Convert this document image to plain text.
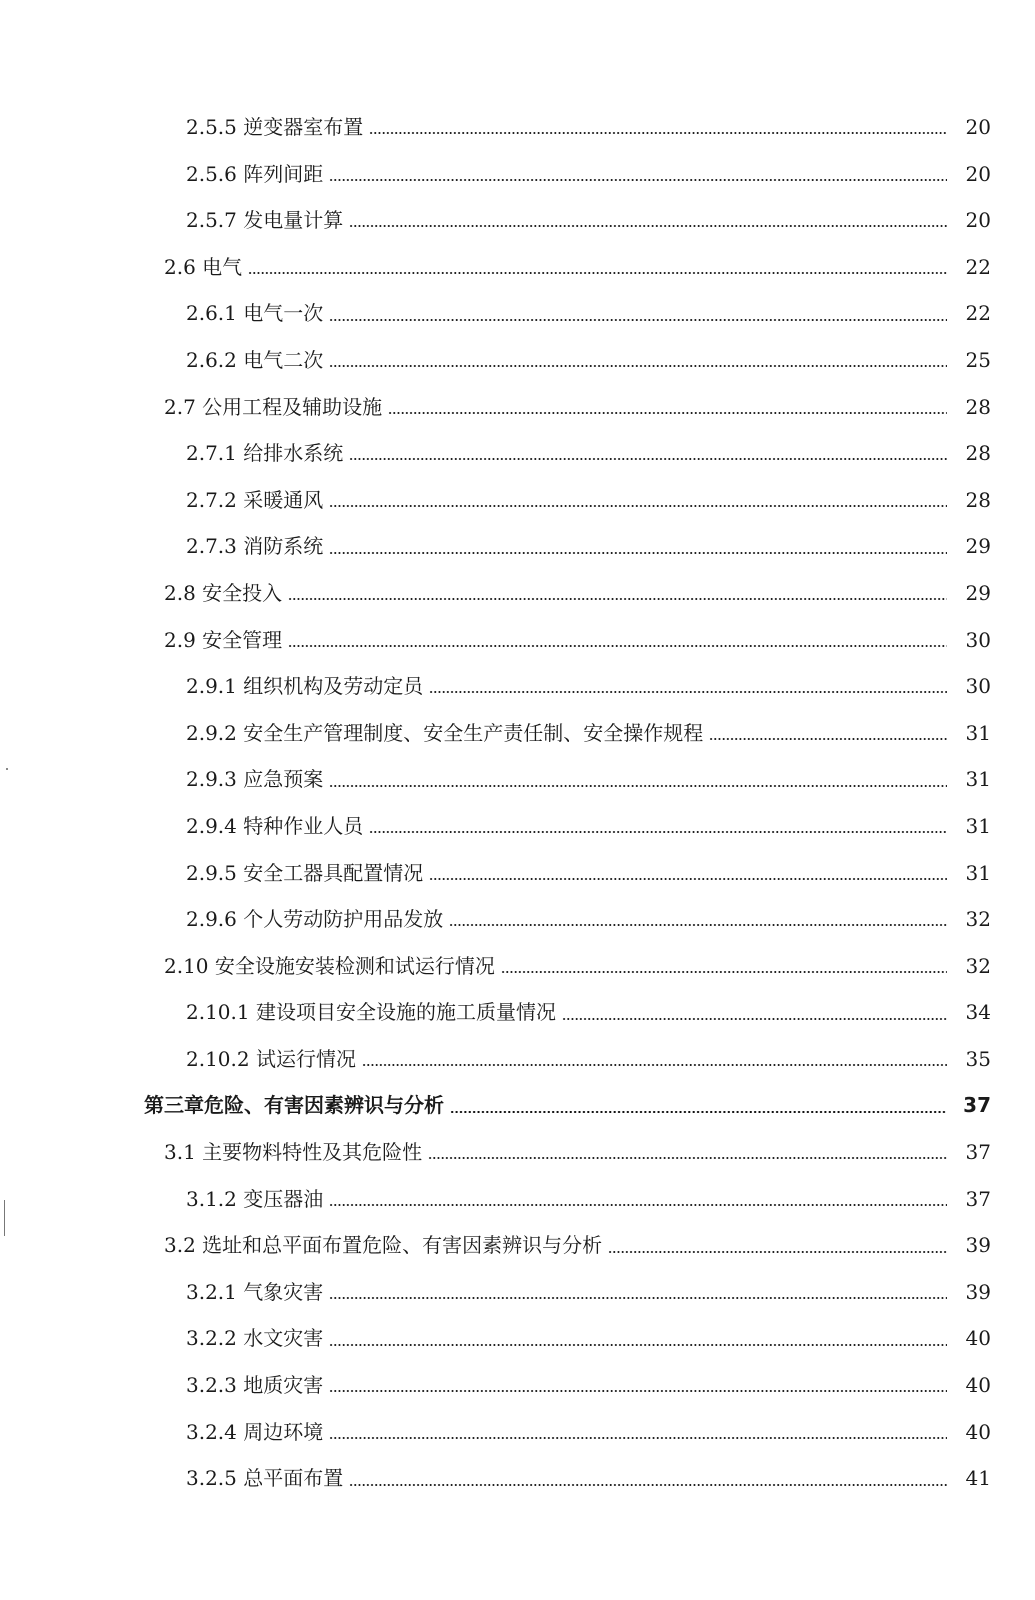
2.5.5 逆变器室布置	20
2.5.6 阵列间距	20
2.5.7 发电量计算	20
2.6 电气	22
2.6.1 电气一次	22
2.6.2 电气二次	25
2.7 公用工程及辅助设施	28
2.7.1 给排水系统	28
2.7.2 采暖通风	28
2.7.3 消防系统	29
2.8 安全投入	29
2.9 安全管理	30
2.9.1 组织机构及劳动定员	30
2.9.2 安全生产管理制度、安全生产责任制、安全操作规程	31
2.9.3 应急预案	31
2.9.4 特种作业人员	31
2.9.5 安全工器具配置情况	31
2.9.6 个人劳动防护用品发放	32
2.10 安全设施安装检测和试运行情况	32
2.10.1 建设项目安全设施的施工质量情况	34
2.10.2 试运行情况	35
第三章危险、有害因素辨识与分析	37
3.1 主要物料特性及其危险性	37
3.1.2 变压器油	37
3.2 选址和总平面布置危险、有害因素辨识与分析	39
3.2.1 气象灾害	39
3.2.2 水文灾害	40
3.2.3 地质灾害	40
3.2.4 周边环境	40
3.2.5 总平面布置	41
